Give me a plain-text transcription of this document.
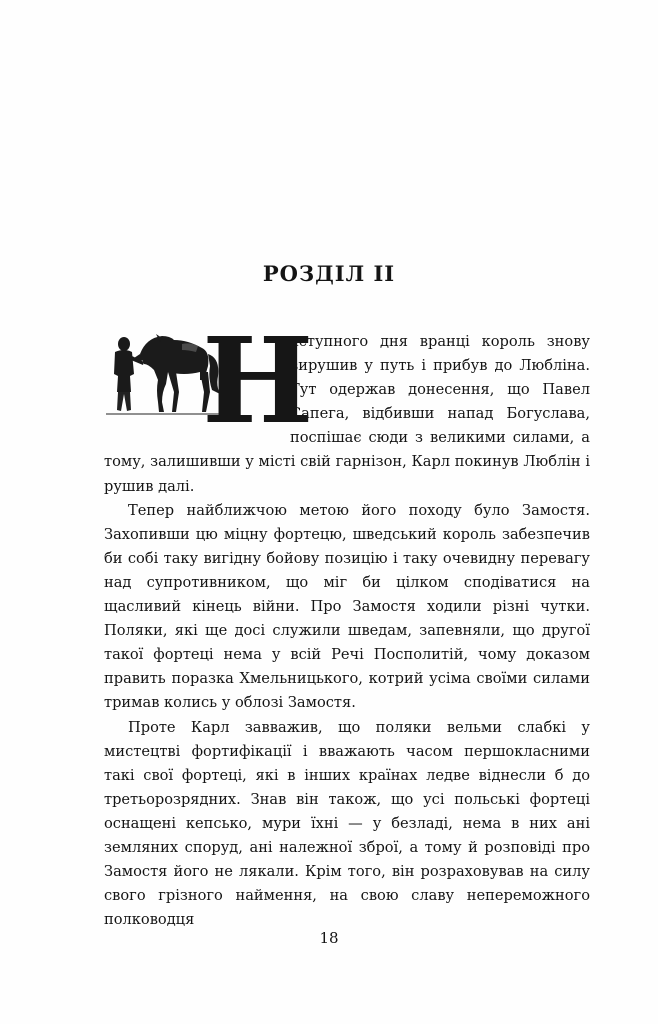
РОЗДІЛ II
Н

аступного дня вранці король знову вирушив у путь і прибув до Любліна. Тут одержав донесення, що Павел Сапега, відбивши напад Богуслава, поспішає сюди з великими силами, а тому, залишивши у місті свій гарнізон, Карл покинув Люблін і рушив далі.

Тепер найближчою метою його походу було Замостя. Захопивши цю міцну фортецю, шведський король забезпечив би собі таку вигідну бойову позицію і таку очевидну перевагу над супротивником, що міг би цілком сподіватися на щасливий кінець війни. Про Замостя ходили різні чутки. Поляки, які ще досі служили шведам, запевняли, що другої такої фортеці нема у всій Речі Посполитій, чому доказом править поразка Хмельницького, котрий усіма своїми силами тримав колись у облозі Замостя.

Проте Карл завважив, що поляки вельми слабкі у мистецтві фортифікації і вважають часом першокласними такі свої фортеці, які в інших країнах ледве віднесли б до третьорозрядних. Знав він також, що усі польські фортеці оснащені кепсько, мури їхні — у безладі, нема в них ані земляних споруд, ані належної зброї, а тому й розповіді про Замостя його не лякали. Крім того, він розраховував на силу свого грізного наймення, на свою славу непереможного полководця

18
